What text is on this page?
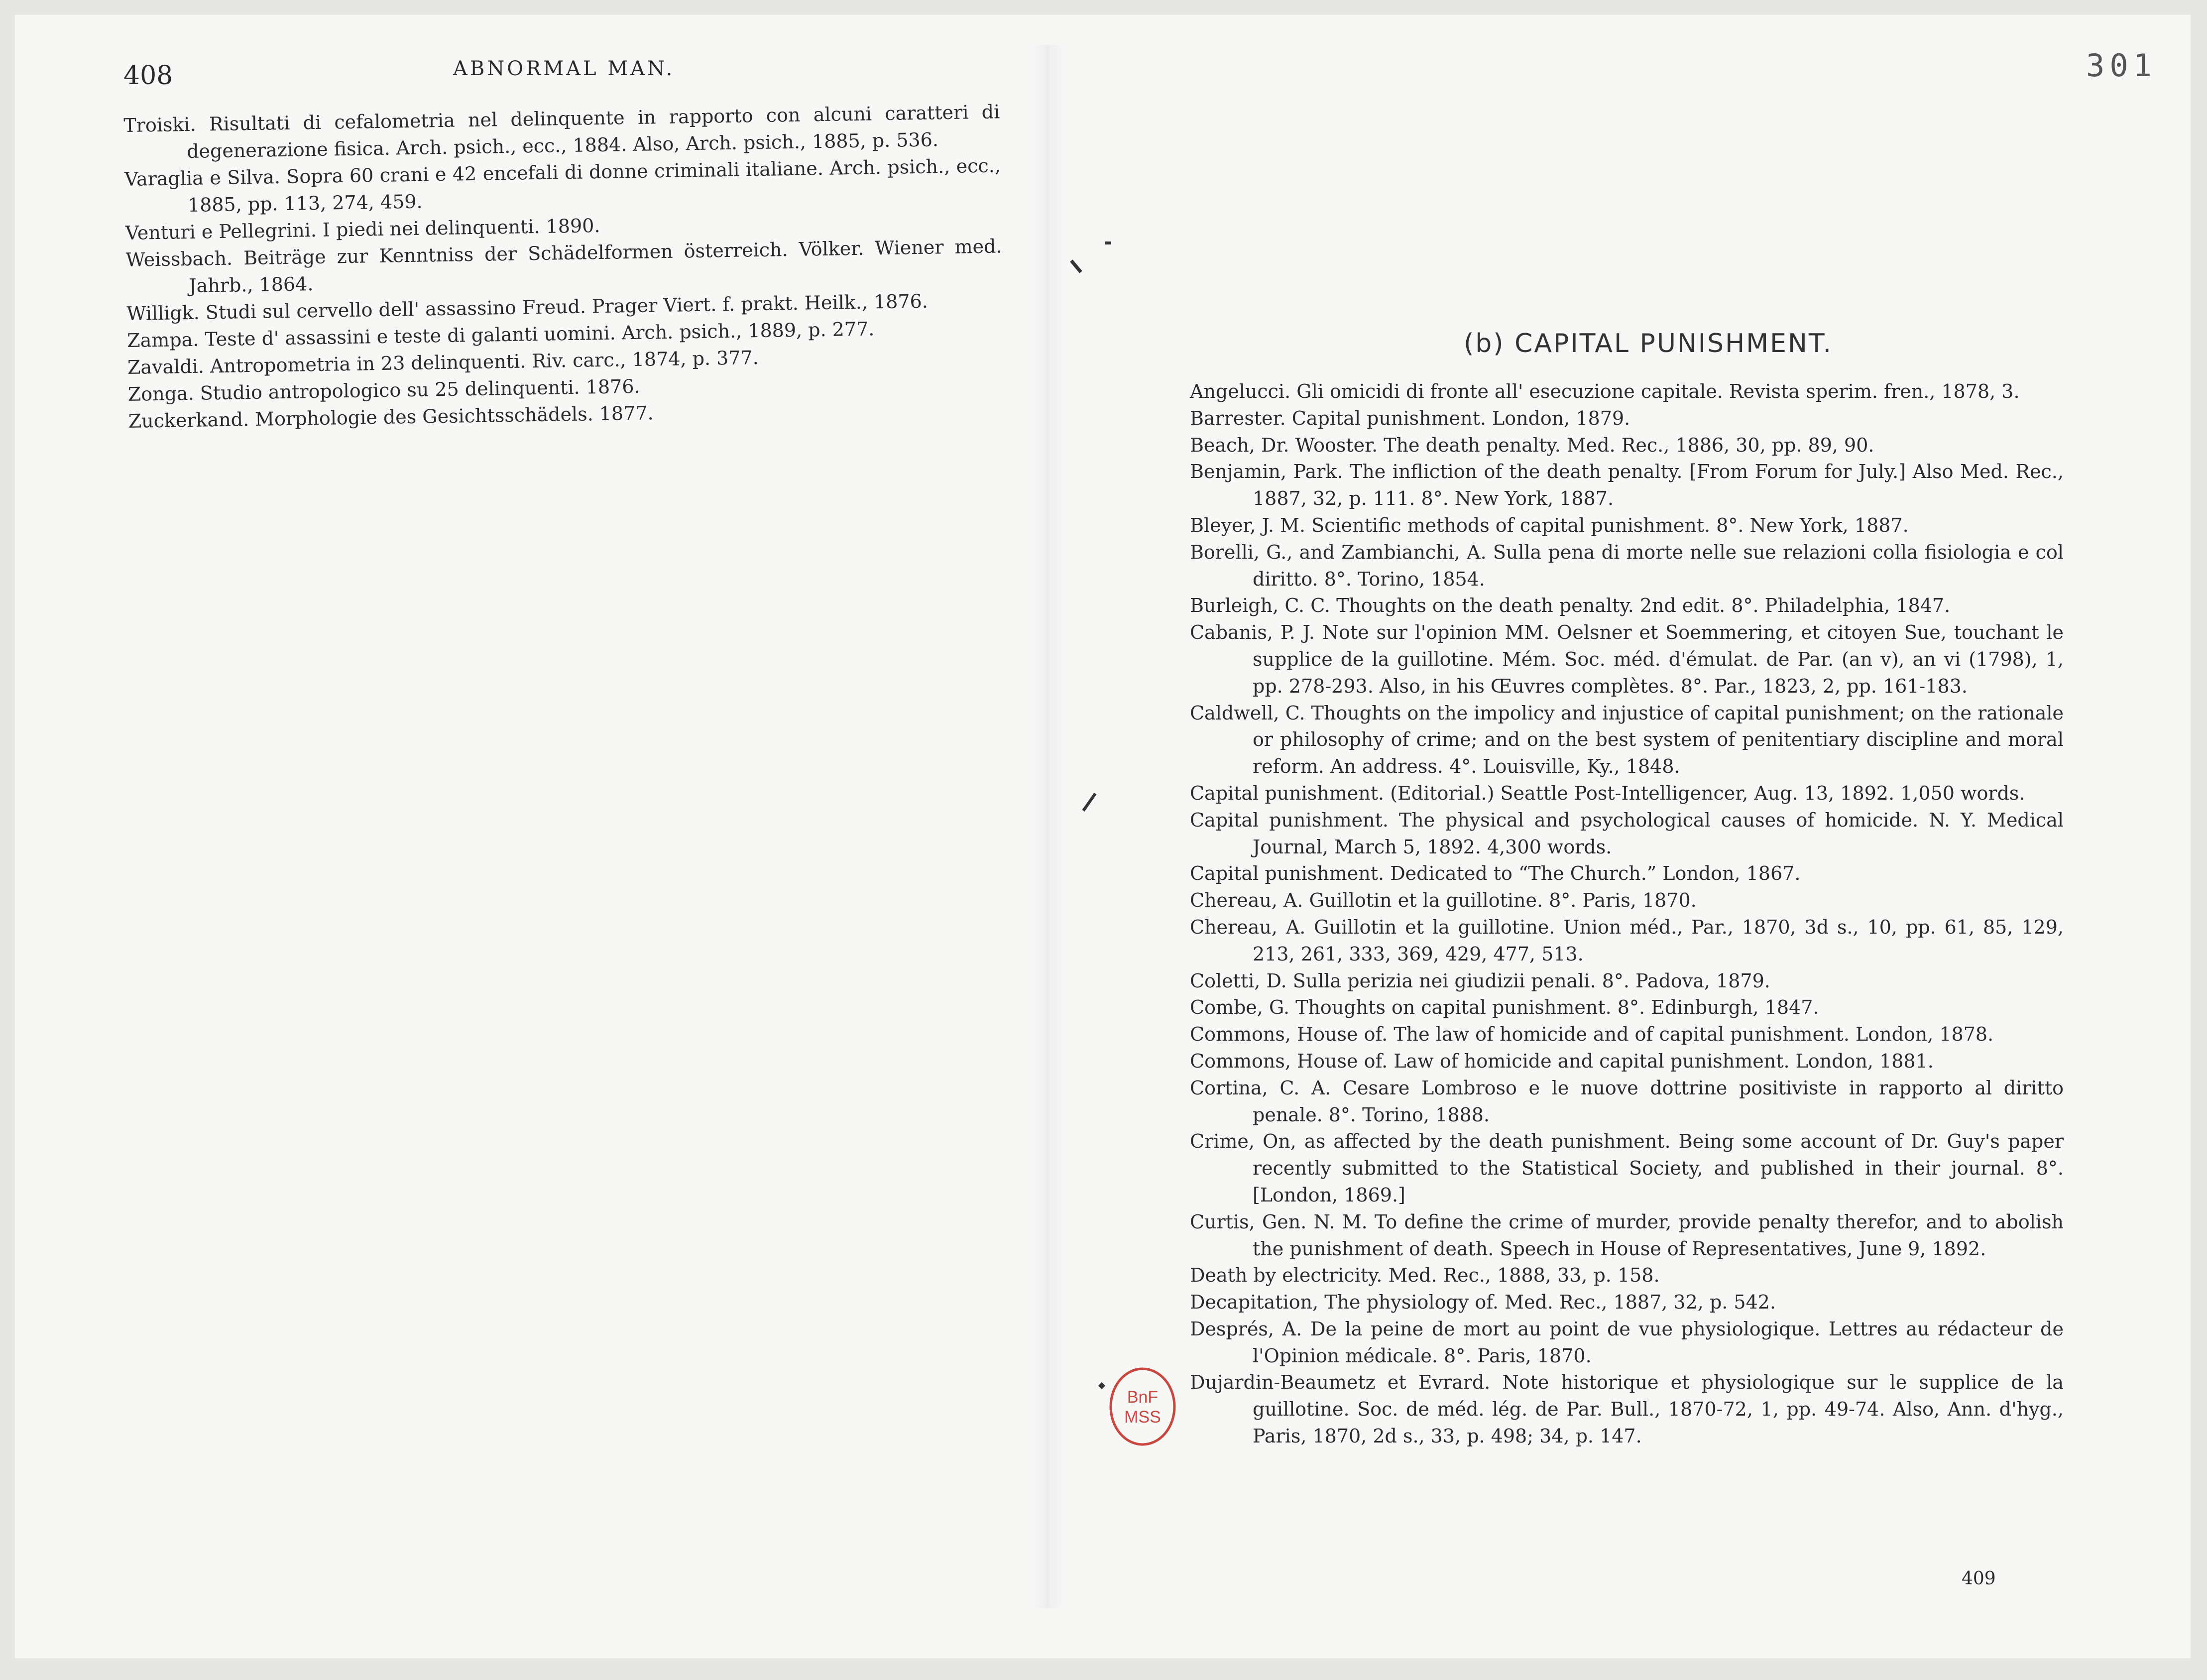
408	ABNORMAL MAN.	301

Troiski. Risultati di cefalometria nel delinquente in rapporto con alcuni caratteri di degenerazione fisica. Arch. psich., ecc., 1884. Also, Arch. psich., 1885, p. 536.

Varaglia e Silva. Sopra 60 crani e 42 encefali di donne criminali italiane. Arch. psich., ecc., 1885, pp. 113, 274, 459.

Venturi e Pellegrini. I piedi nei delinquenti. 1890.

Weissbach. Beiträge zur Kenntniss der Schädelformen österreich. Völker. Wiener med. Jahrb., 1864.

Willigk. Studi sul cervello dell' assassino Freud. Prager Viert. f. prakt. Heilk., 1876.

Zampa. Teste d' assassini e teste di galanti uomini. Arch. psich., 1889, p. 277.

Zavaldi. Antropometria in 23 delinquenti. Riv. carc., 1874, p. 377.

Zonga. Studio antropologico su 25 delinquenti. 1876.

Zuckerkand. Morphologie des Gesichtsschädels. 1877.

(b) CAPITAL PUNISHMENT.

Angelucci. Gli omicidi di fronte all' esecuzione capitale. Revista sperim. fren., 1878, 3.

Barrester. Capital punishment. London, 1879.

Beach, Dr. Wooster. The death penalty. Med. Rec., 1886, 30, pp. 89, 90.

Benjamin, Park. The infliction of the death penalty. [From Forum for July.] Also Med. Rec., 1887, 32, p. 111. 8°. New York, 1887.

Bleyer, J. M. Scientific methods of capital punishment. 8°. New York, 1887.

Borelli, G., and Zambianchi, A. Sulla pena di morte nelle sue relazioni colla fisiologia e col diritto. 8°. Torino, 1854.

Burleigh, C. C. Thoughts on the death penalty. 2nd edit. 8°. Philadelphia, 1847.

Cabanis, P. J. Note sur l'opinion MM. Oelsner et Soemmering, et citoyen Sue, touchant le supplice de la guillotine. Mém. Soc. méd. d'émulat. de Par. (an v), an vi (1798), 1, pp. 278-293. Also, in his Œuvres complètes. 8°. Par., 1823, 2, pp. 161-183.

Caldwell, C. Thoughts on the impolicy and injustice of capital punishment; on the rationale or philosophy of crime; and on the best system of penitentiary discipline and moral reform. An address. 4°. Louisville, Ky., 1848.

Capital punishment. (Editorial.) Seattle Post-Intelligencer, Aug. 13, 1892. 1,050 words.

Capital punishment. The physical and psychological causes of homicide. N. Y. Medical Journal, March 5, 1892. 4,300 words.

Capital punishment. Dedicated to “The Church.” London, 1867.

Chereau, A. Guillotin et la guillotine. 8°. Paris, 1870.

Chereau, A. Guillotin et la guillotine. Union méd., Par., 1870, 3d s., 10, pp. 61, 85, 129, 213, 261, 333, 369, 429, 477, 513.

Coletti, D. Sulla perizia nei giudizii penali. 8°. Padova, 1879.

Combe, G. Thoughts on capital punishment. 8°. Edinburgh, 1847.

Commons, House of. The law of homicide and of capital punishment. London, 1878.

Commons, House of. Law of homicide and capital punishment. London, 1881.

Cortina, C. A. Cesare Lombroso e le nuove dottrine positiviste in rapporto al diritto penale. 8°. Torino, 1888.

Crime, On, as affected by the death punishment. Being some account of Dr. Guy's paper recently submitted to the Statistical Society, and published in their journal. 8°. [London, 1869.]

Curtis, Gen. N. M. To define the crime of murder, provide penalty therefor, and to abolish the punishment of death. Speech in House of Representatives, June 9, 1892.

Death by electricity. Med. Rec., 1888, 33, p. 158.

Decapitation, The physiology of. Med. Rec., 1887, 32, p. 542.

Després, A. De la peine de mort au point de vue physiologique. Lettres au rédacteur de l'Opinion médicale. 8°. Paris, 1870.

Dujardin-Beaumetz et Evrard. Note historique et physiologique sur le supplice de la guillotine. Soc. de méd. lég. de Par. Bull., 1870-72, 1, pp. 49-74. Also, Ann. d'hyg., Paris, 1870, 2d s., 33, p. 498; 34, p. 147.

409
BnF
MSS
